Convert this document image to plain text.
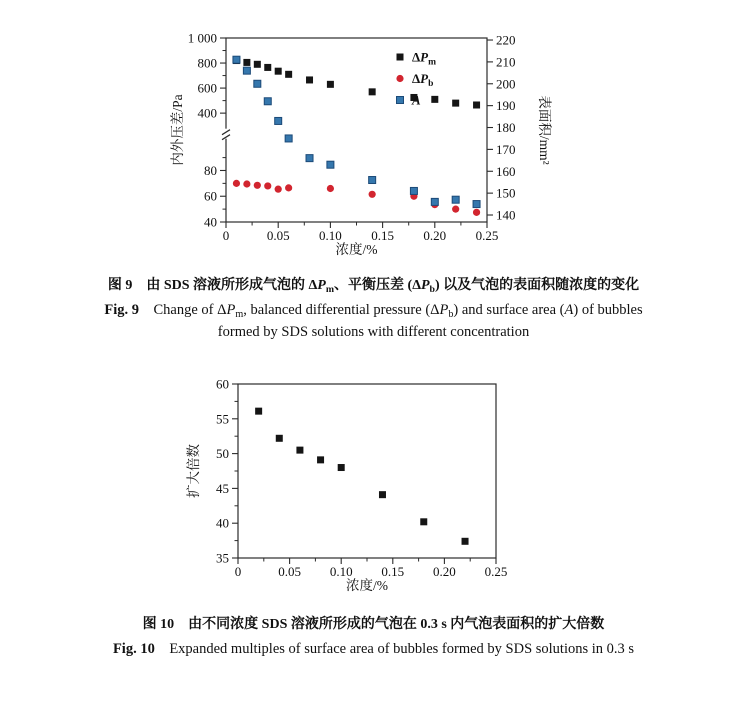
0	0.05 0.10 0.15 0.20 0.25
浓度/%
40
60
80
400
600
800
1 000
内外压差/Pa
140
150
160
170
180
190
200
210
220
表面积/mm²
$\Delta P_m$
$\Delta P_b$
A
图 9  由 SDS 溶液所形成气泡的 $\Delta P_m$、平衡压差 $(\Delta P_b)$ 以及气泡的表面积随浓度的变化
Fig. 9  Change of $\Delta P_m$, balanced differential pressure $(\Delta P_b)$ and surface area (A) of bubbles
formed by SDS solutions with different concentration
0	0.05 0.10 0.15 0.20 0.25
浓度/%
35
40
45
50
55
60
扩大倍数
图 10  由不同浓度 SDS 溶液所形成的气泡在 0.3 s 内气泡表面积的扩大倍数
Fig. 10  Expanded multiples of surface area of bubbles formed by SDS solutions in 0.3 s
